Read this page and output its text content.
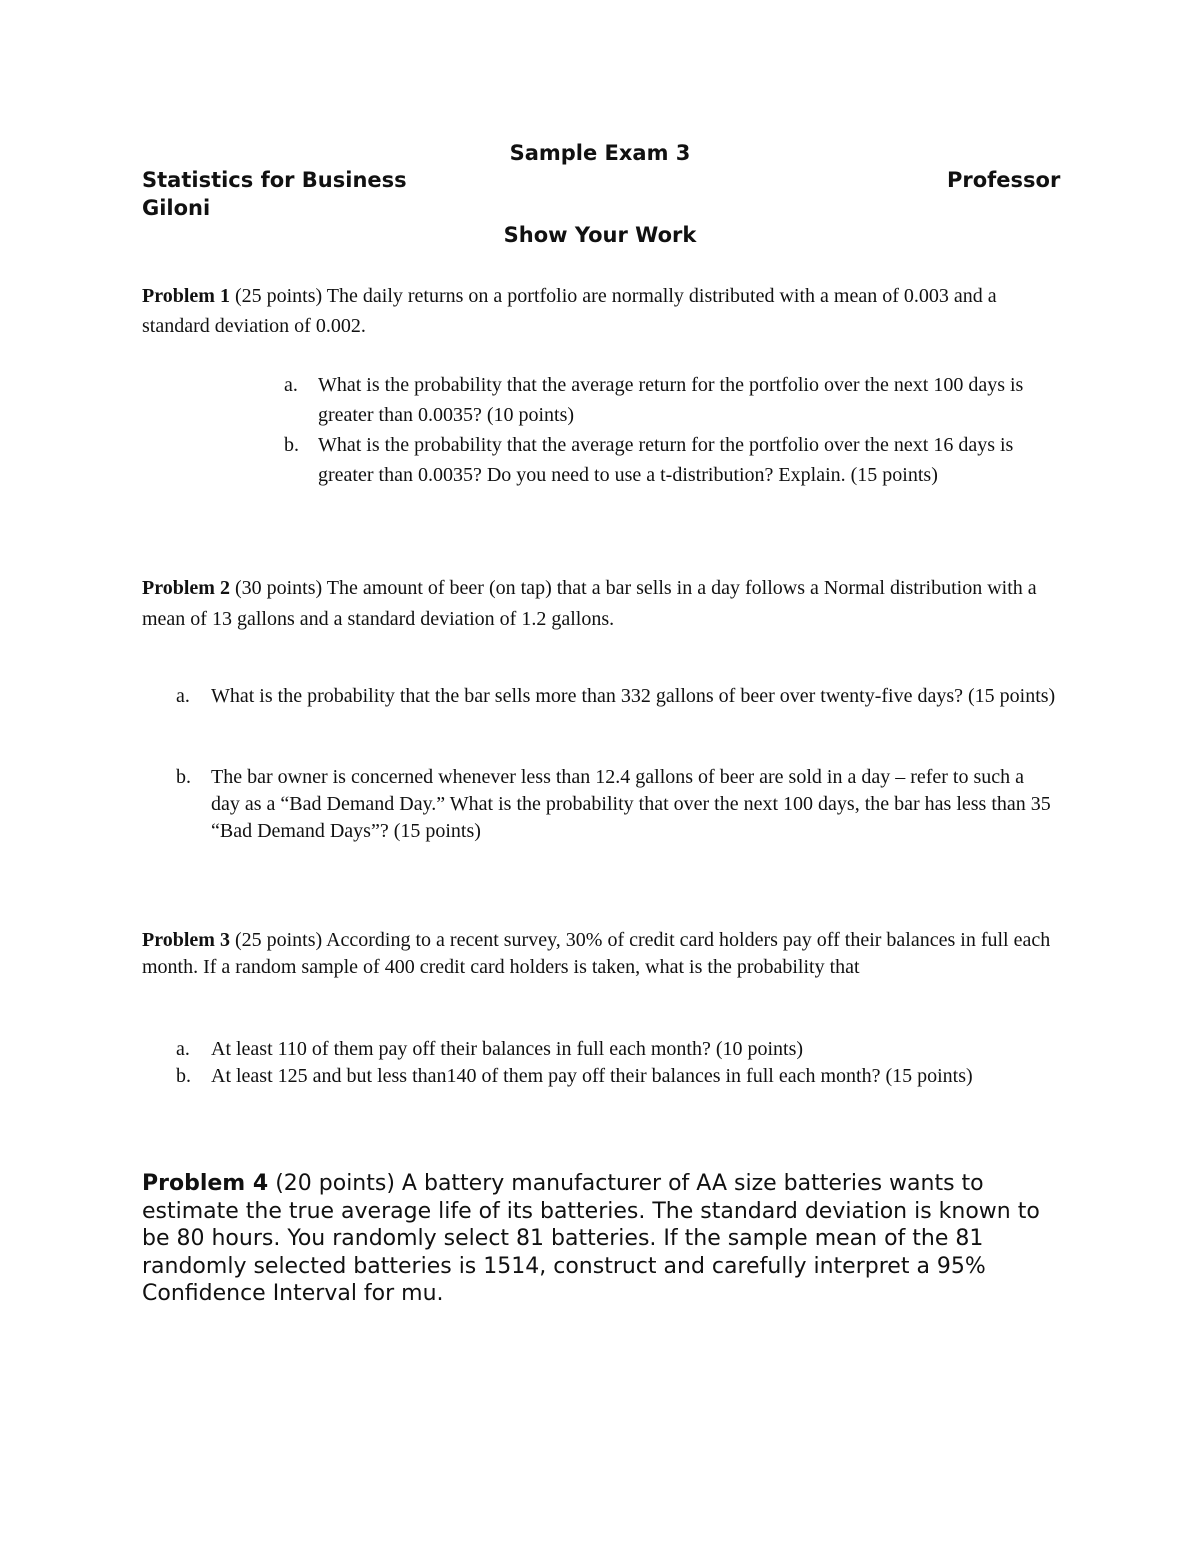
Sample Exam 3
Statistics for Business	Professor
Giloni
Show Your Work
Problem 1 (25 points) The daily returns on a portfolio are normally distributed with a mean of 0.003 and a standard deviation of 0.002.
a. What is the probability that the average return for the portfolio over the next 100 days is greater than 0.0035? (10 points)
b. What is the probability that the average return for the portfolio over the next 16 days is greater than 0.0035? Do you need to use a t-distribution? Explain. (15 points)
Problem 2 (30 points) The amount of beer (on tap) that a bar sells in a day follows a Normal distribution with a mean of 13 gallons and a standard deviation of 1.2 gallons.
a. What is the probability that the bar sells more than 332 gallons of beer over twenty-five days? (15 points)
b. The bar owner is concerned whenever less than 12.4 gallons of beer are sold in a day – refer to such a day as a “Bad Demand Day.” What is the probability that over the next 100 days, the bar has less than 35 “Bad Demand Days”? (15 points)
Problem 3 (25 points) According to a recent survey, 30% of credit card holders pay off their balances in full each month. If a random sample of 400 credit card holders is taken, what is the probability that
a. At least 110 of them pay off their balances in full each month? (10 points)
b. At least 125 and but less than140 of them pay off their balances in full each month? (15 points)
Problem 4 (20 points) A battery manufacturer of AA size batteries wants to estimate the true average life of its batteries. The standard deviation is known to be 80 hours. You randomly select 81 batteries. If the sample mean of the 81 randomly selected batteries is 1514, construct and carefully interpret a 95% Confidence Interval for mu.
